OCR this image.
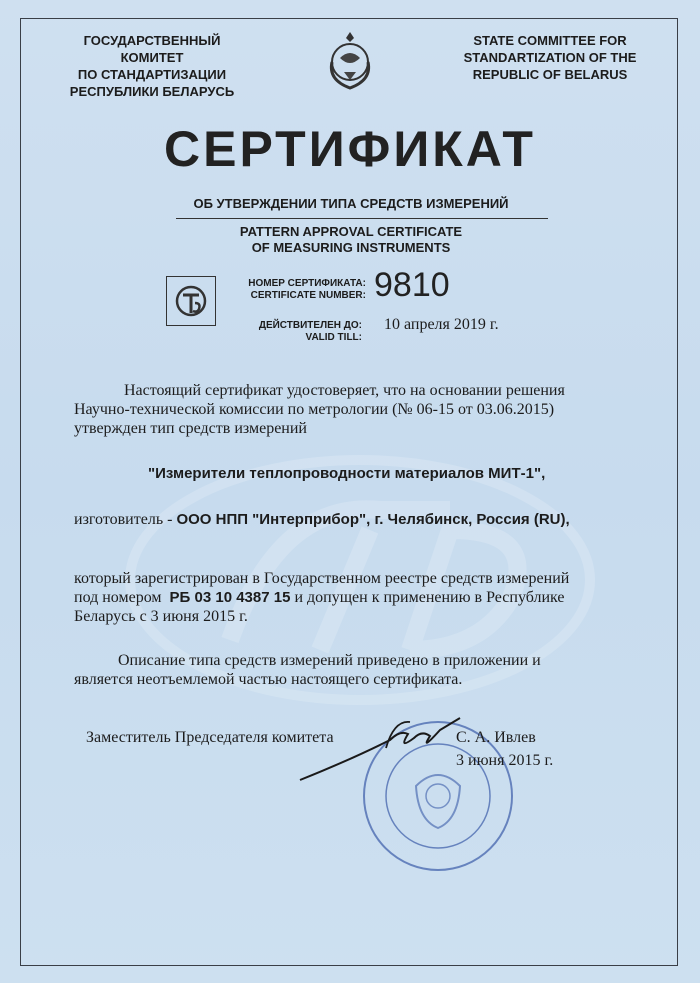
ГОСУДАРСТВЕННЫЙ КОМИТЕТ
ПО СТАНДАРТИЗАЦИИ
РЕСПУБЛИКИ БЕЛАРУСЬ
STATE COMMITTEE FOR
STANDARTIZATION OF THE
REPUBLIC OF BELARUS
СЕРТИФИКАТ
ОБ УТВЕРЖДЕНИИ ТИПА СРЕДСТВ ИЗМЕРЕНИЙ
PATTERN APPROVAL CERTIFICATE
OF MEASURING INSTRUMENTS
НОМЕР СЕРТИФИКАТА:
CERTIFICATE NUMBER: 9810
ДЕЙСТВИТЕЛЕН ДО:
VALID TILL:
10 апреля 2019 г.
Настоящий сертификат удостоверяет, что на основании решения
Научно-технической комиссии по метрологии (№ 06-15 от 03.06.2015)
утвержден тип средств измерений
"Измерители теплопроводности материалов МИТ-1",
изготовитель - ООО НПП "Интерприбор", г. Челябинск, Россия (RU),
который зарегистрирован в Государственном реестре средств измерений
под номером РБ 03 10 4387 15 и допущен к применению в Республике
Беларусь с 3 июня 2015 г.
Описание типа средств измерений приведено в приложении и
является неотъемлемой частью настоящего сертификата.
Заместитель Председателя комитета	С. А. Ивлев
3 июня 2015 г.
